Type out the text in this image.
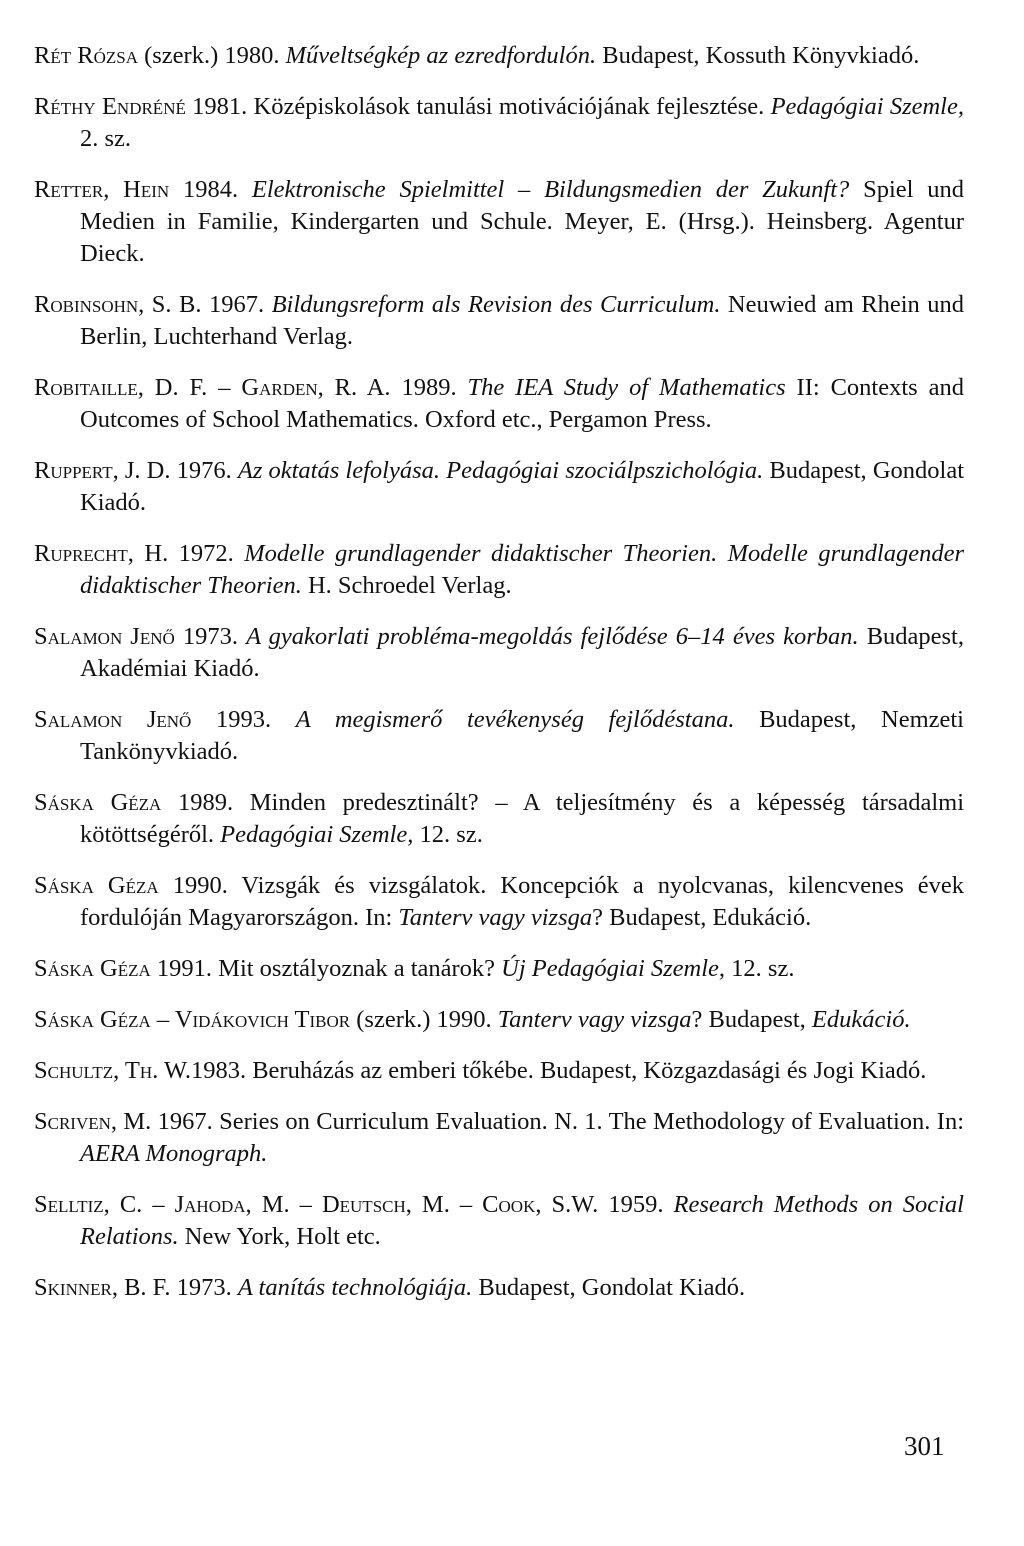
Rét Rózsa (szerk.) 1980. Műveltségkép az ezredfordulón. Budapest, Kossuth Könyvkiadó.

Réthy Endréné 1981. Középiskolások tanulási motivációjának fejlesztése. Pedagógiai Szemle, 2. sz.

Retter, Hein 1984. Elektronische Spielmittel – Bildungsmedien der Zukunft? Spiel und Medien in Familie, Kindergarten und Schule. Meyer, E. (Hrsg.). Heinsberg. Agentur Dieck.

Robinsohn, S. B. 1967. Bildungsreform als Revision des Curriculum. Neuwied am Rhein und Berlin, Luchterhand Verlag.

Robitaille, D. F. – Garden, R. A. 1989. The IEA Study of Mathematics II: Contexts and Outcomes of School Mathematics. Oxford etc., Pergamon Press.

Ruppert, J. D. 1976. Az oktatás lefolyása. Pedagógiai szociálpszichológia. Budapest, Gondolat Kiadó.

Ruprecht, H. 1972. Modelle grundlagender didaktischer Theorien. Modelle grundlagender didaktischer Theorien. H. Schroedel Verlag.

Salamon Jenő 1973. A gyakorlati probléma-megoldás fejlődése 6–14 éves korban. Budapest, Akadémiai Kiadó.

Salamon Jenő 1993. A megismerő tevékenység fejlődéstana. Budapest, Nemzeti Tankönyvkiadó.

Sáska Géza 1989. Minden predesztinált? – A teljesítmény és a képesség társadalmi kötöttségéről. Pedagógiai Szemle, 12. sz.

Sáska Géza 1990. Vizsgák és vizsgálatok. Koncepciók a nyolcvanas, kilencvenes évek fordulóján Magyarországon. In: Tanterv vagy vizsga? Budapest, Edukáció.

Sáska Géza 1991. Mit osztályoznak a tanárok? Új Pedagógiai Szemle, 12. sz.

Sáska Géza – Vidákovich Tibor (szerk.) 1990. Tanterv vagy vizsga? Budapest, Edukáció.

Schultz, Th. W.1983. Beruházás az emberi tőkébe. Budapest, Közgazdasági és Jogi Kiadó.

Scriven, M. 1967. Series on Curriculum Evaluation. N. 1. The Methodology of Evaluation. In: AERA Monograph.

Selltiz, C. – Jahoda, M. – Deutsch, M. – Cook, S.W. 1959. Research Methods on Social Relations. New York, Holt etc.

Skinner, B. F. 1973. A tanítás technológiája. Budapest, Gondolat Kiadó.

301
